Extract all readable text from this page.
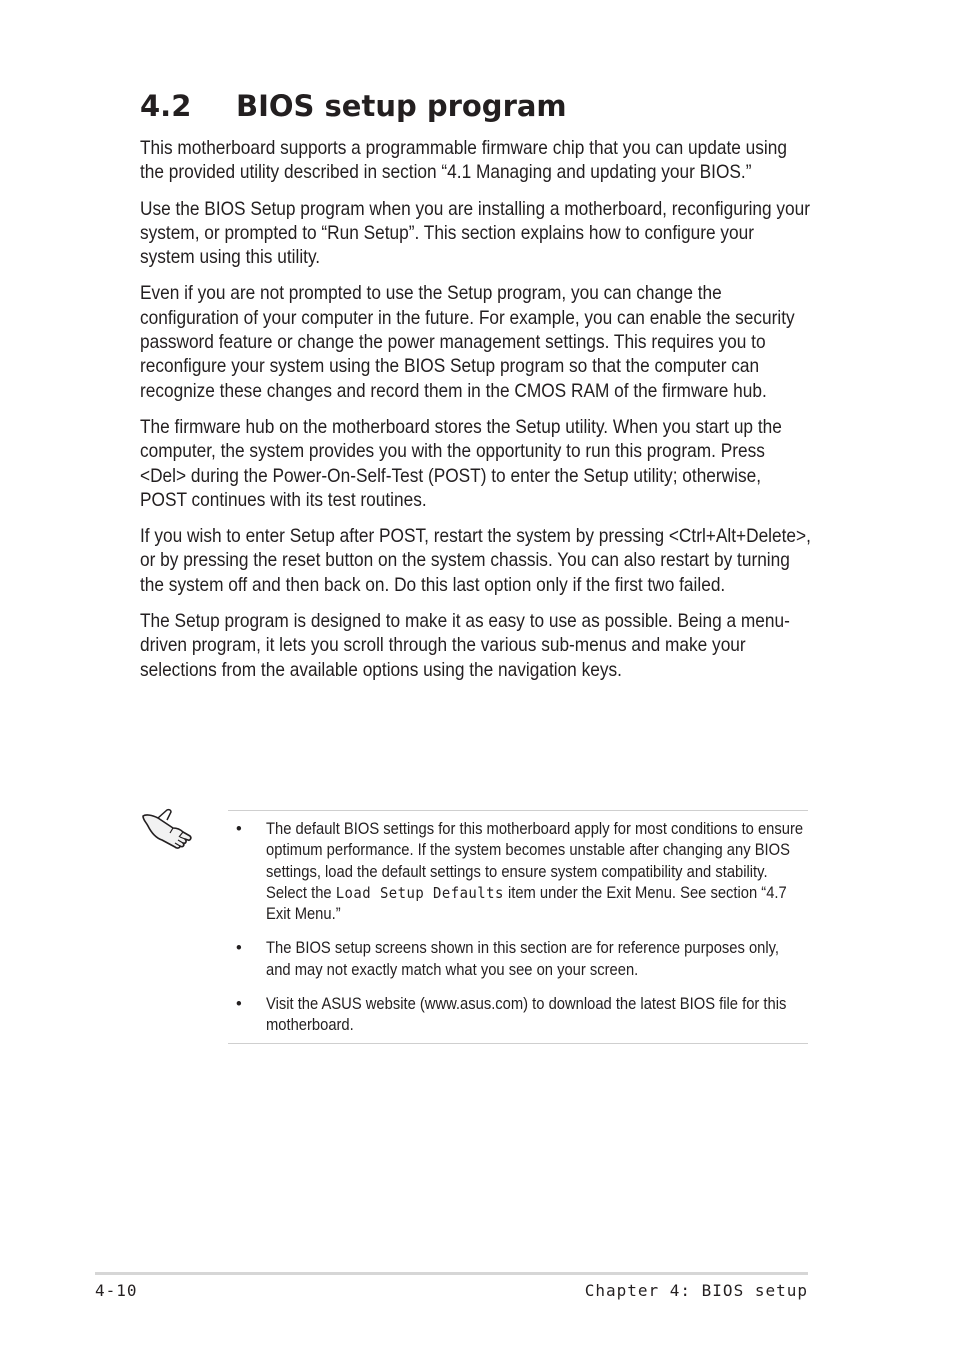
4.2 BIOS setup program

This motherboard supports a programmable firmware chip that you can update using the provided utility described in section “4.1 Managing and updating your BIOS.”

Use the BIOS Setup program when you are installing a motherboard, reconfiguring your system, or prompted to “Run Setup”. This section explains how to configure your system using this utility.

Even if you are not prompted to use the Setup program, you can change the configuration of your computer in the future. For example, you can enable the security password feature or change the power management settings. This requires you to reconfigure your system using the BIOS Setup program so that the computer can recognize these changes and record them in the CMOS RAM of the firmware hub.

The firmware hub on the motherboard stores the Setup utility. When you start up the computer, the system provides you with the opportunity to run this program. Press <Del> during the Power-On-Self-Test (POST) to enter the Setup utility; otherwise, POST continues with its test routines.

If you wish to enter Setup after POST, restart the system by pressing <Ctrl+Alt+Delete>, or by pressing the reset button on the system chassis. You can also restart by turning the system off and then back on. Do this last option only if the first two failed.

The Setup program is designed to make it as easy to use as possible. Being a menu-driven program, it lets you scroll through the various sub-menus and make your selections from the available options using the navigation keys.

• The default BIOS settings for this motherboard apply for most conditions to ensure optimum performance. If the system becomes unstable after changing any BIOS settings, load the default settings to ensure system compatibility and stability. Select the Load Setup Defaults item under the Exit Menu. See section “4.7 Exit Menu.”
• The BIOS setup screens shown in this section are for reference purposes only, and may not exactly match what you see on your screen.
• Visit the ASUS website (www.asus.com) to download the latest BIOS file for this motherboard.
4-10	Chapter 4: BIOS setup
